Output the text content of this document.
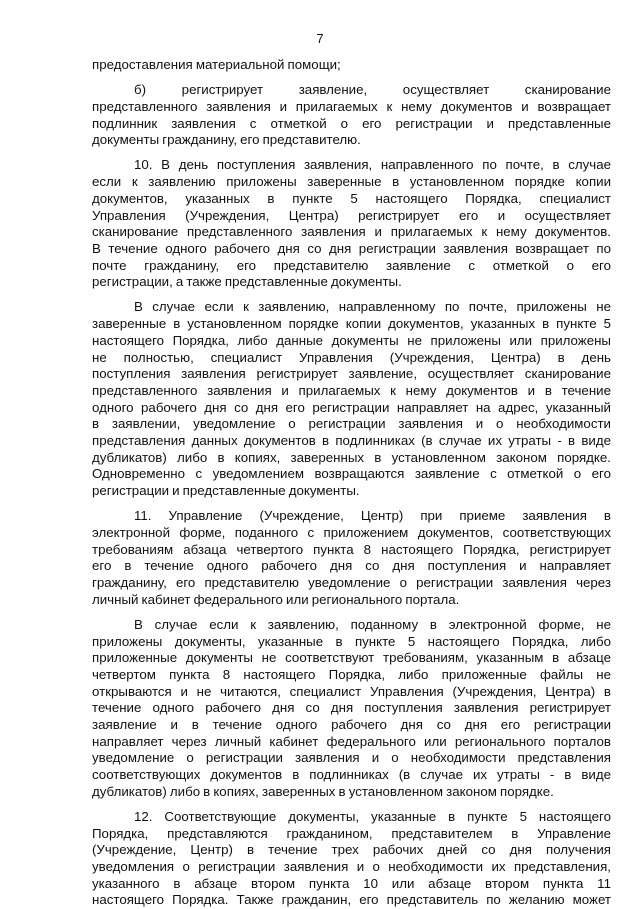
7
предоставления материальной помощи;
б) регистрирует заявление, осуществляет сканирование
представленного заявления и прилагаемых к нему документов и возвращает
подлинник заявления с отметкой о его регистрации и представленные
документы гражданину, его представителю.
10. В день поступления заявления, направленного по почте, в случае
если к заявлению приложены заверенные в установленном порядке копии
документов, указанных в пункте 5 настоящего Порядка, специалист
Управления (Учреждения, Центра) регистрирует его и осуществляет
сканирование представленного заявления и прилагаемых к нему документов.
В течение одного рабочего дня со дня регистрации заявления возвращает по
почте гражданину, его представителю заявление с отметкой о его
регистрации, а также представленные документы.
В случае если к заявлению, направленному по почте, приложены не
заверенные в установленном порядке копии документов, указанных в пункте 5
настоящего Порядка, либо данные документы не приложены или приложены
не полностью, специалист Управления (Учреждения, Центра) в день
поступления заявления регистрирует заявление, осуществляет сканирование
представленного заявления и прилагаемых к нему документов и в течение
одного рабочего дня со дня его регистрации направляет на адрес, указанный
в заявлении, уведомление о регистрации заявления и о необходимости
представления данных документов в подлинниках (в случае их утраты - в виде
дубликатов) либо в копиях, заверенных в установленном законом порядке.
Одновременно с уведомлением возвращаются заявление с отметкой о его
регистрации и представленные документы.
11. Управление (Учреждение, Центр) при приеме заявления в
электронной форме, поданного с приложением документов, соответствующих
требованиям абзаца четвертого пункта 8 настоящего Порядка, регистрирует
его в течение одного рабочего дня со дня поступления и направляет
гражданину, его представителю уведомление о регистрации заявления через
личный кабинет федерального или регионального портала.
В случае если к заявлению, поданному в электронной форме, не
приложены документы, указанные в пункте 5 настоящего Порядка, либо
приложенные документы не соответствуют требованиям, указанным в абзаце
четвертом пункта 8 настоящего Порядка, либо приложенные файлы не
открываются и не читаются, специалист Управления (Учреждения, Центра) в
течение одного рабочего дня со дня поступления заявления регистрирует
заявление и в течение одного рабочего дня со дня его регистрации
направляет через личный кабинет федерального или регионального порталов
уведомление о регистрации заявления и о необходимости представления
соответствующих документов в подлинниках (в случае их утраты - в виде
дубликатов) либо в копиях, заверенных в установленном законом порядке.
12. Соответствующие документы, указанные в пункте 5 настоящего
Порядка, представляются гражданином, представителем в Управление
(Учреждение, Центр) в течение трех рабочих дней со дня получения
уведомления о регистрации заявления и о необходимости их представления,
указанного в абзаце втором пункта 10 или абзаце втором пункта 11
настоящего Порядка. Также гражданин, его представитель по желанию может
